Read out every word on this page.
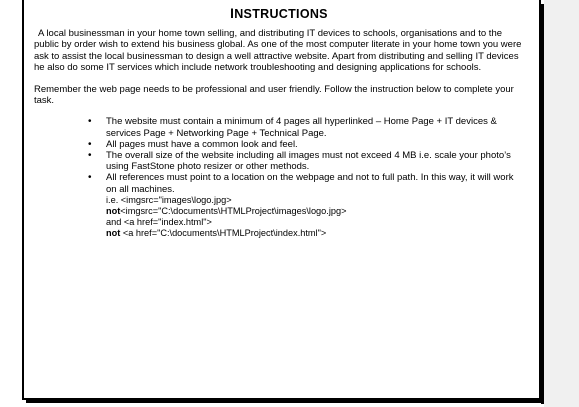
INSTRUCTIONS

A local businessman in your home town selling, and distributing IT devices to schools, organisations and to the public by order wish to extend his business global. As one of the most computer literate in your home town you were ask to assist the local businessman to design a well attractive website. Apart from distributing and selling IT devices he also do some IT services which include network troubleshooting and designing applications for schools.

Remember the web page needs to be professional and user friendly. Follow the instruction below to complete your task.

• The website must contain a minimum of 4 pages all hyperlinked – Home Page + IT devices & services Page + Networking Page + Technical Page.
• All pages must have a common look and feel.
• The overall size of the website including all images must not exceed 4 MB i.e. scale your photo’s using FastStone photo resizer or other methods.
• All references must point to a location on the webpage and not to full path. In this way, it will work on all machines.
i.e. <imgsrc="images\logo.jpg>
not<imgsrc="C:\documents\HTMLProject\images\logo.jpg>
and <a href="index.html">
not <a href="C:\documents\HTMLProject\index.html">
